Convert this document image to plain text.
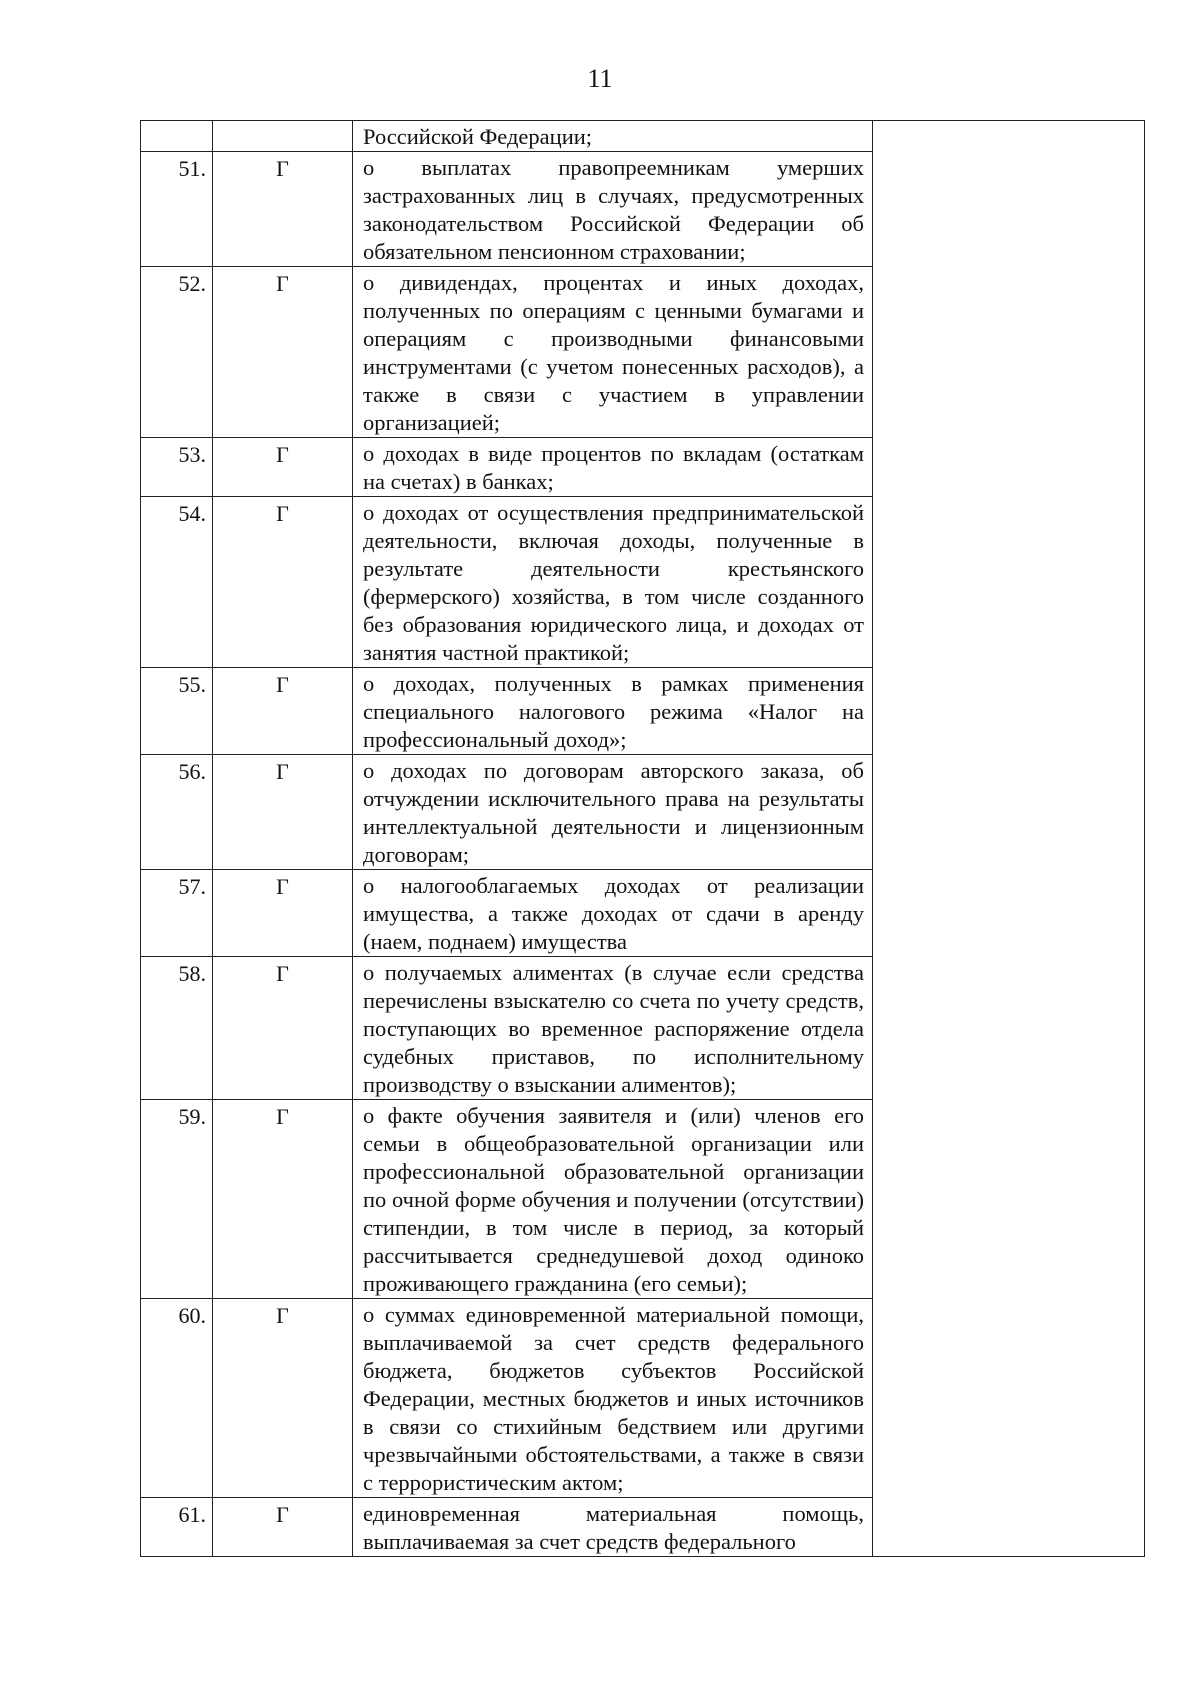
11
		Российской Федерации;	
51.	Г	о выплатах правопреемникам умерших застрахованных лиц в случаях, предусмотренных законодательством Российской Федерации об обязательном пенсионном страховании;	
52.	Г	о дивидендах, процентах и иных доходах, полученных по операциям с ценными бумагами и операциям с производными финансовыми инструментами (с учетом понесенных расходов), а также в связи с участием в управлении организацией;	
53.	Г	о доходах в виде процентов по вкладам (остаткам на счетах) в банках;	
54.	Г	о доходах от осуществления предпринимательской деятельности, включая доходы, полученные в результате деятельности крестьянского (фермерского) хозяйства, в том числе созданного без образования юридического лица, и доходах от занятия частной практикой;	
55.	Г	о доходах, полученных в рамках применения специального налогового режима «Налог на профессиональный доход»;	
56.	Г	о доходах по договорам авторского заказа, об отчуждении исключительного права на результаты интеллектуальной деятельности и лицензионным договорам;	
57.	Г	о налогооблагаемых доходах от реализации имущества, а также доходах от сдачи в аренду (наем, поднаем) имущества	
58.	Г	о получаемых алиментах (в случае если средства перечислены взыскателю со счета по учету средств, поступающих во временное распоряжение отдела судебных приставов, по исполнительному производству о взыскании алиментов);	
59.	Г	о факте обучения заявителя и (или) членов его семьи в общеобразовательной организации или профессиональной образовательной организации по очной форме обучения и получении (отсутствии) стипендии, в том числе в период, за который рассчитывается среднедушевой доход одиноко проживающего гражданина (его семьи);	
60.	Г	о суммах единовременной материальной помощи, выплачиваемой за счет средств федерального бюджета, бюджетов субъектов Российской Федерации, местных бюджетов и иных источников в связи со стихийным бедствием или другими чрезвычайными обстоятельствами, а также в связи с террористическим актом;	
61.	Г	единовременная материальная помощь, выплачиваемая за счет средств федерального	
